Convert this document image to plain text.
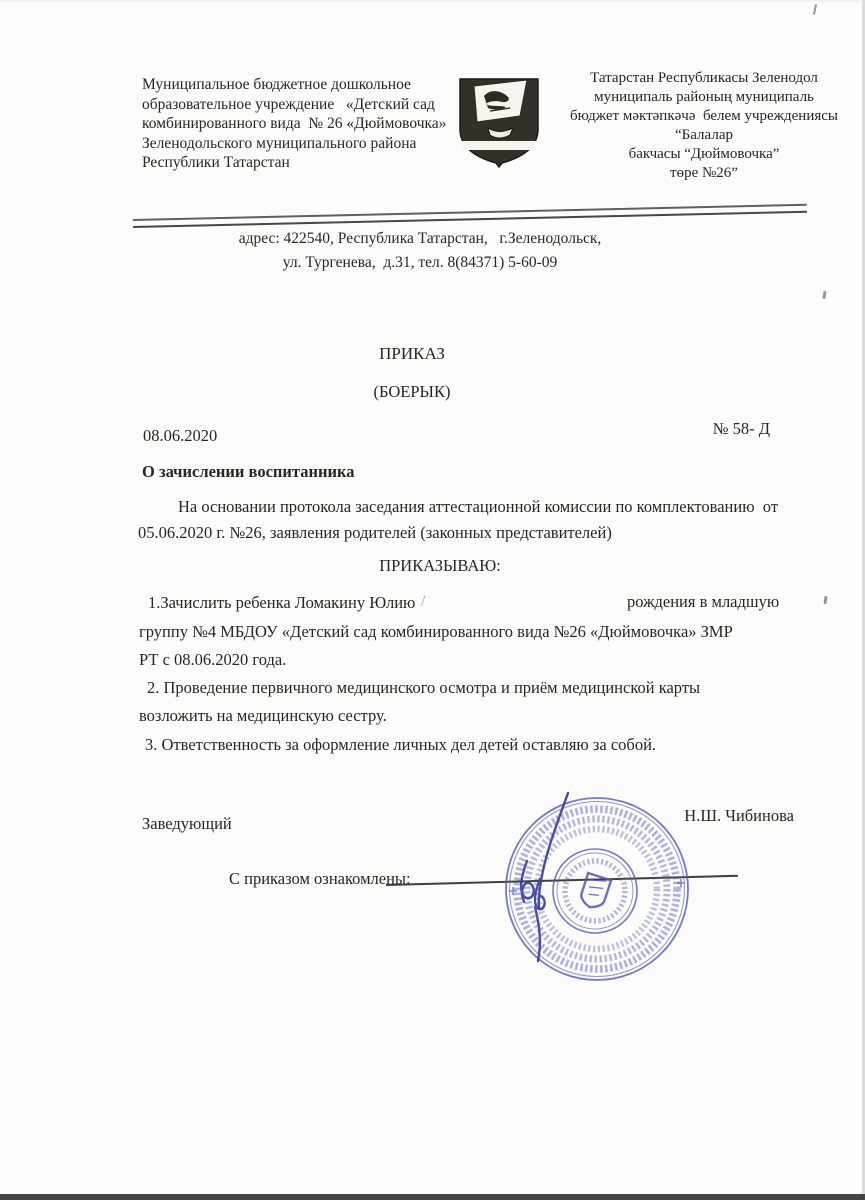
Муниципальное бюджетное дошкольное
образовательное учреждение   «Детский сад
комбинированного вида  № 26 «Дюймовочка»
Зеленодольского муниципального района
Республики Татарстан
Татарстан Республикасы Зеленодол
муниципаль районың муниципаль
бюджет мәктәпкәчә  белем учреждениясы “Балалар
бакчасы “Дюймовочка”
төре №26”
адрес: 422540, Республика Татарстан,   г.Зеленодольск,
ул. Тургенева,  д.31, тел. 8(84371) 5-60-09
ПРИКАЗ
(БОЕРЫК)
08.06.2020	№ 58- Д
О зачислении воспитанника
На основании протокола заседания аттестационной комиссии по комплектованию  от
05.06.2020 г. №26, заявления родителей (законных представителей)
ПРИКАЗЫВАЮ:
1.Зачислить ребенка Ломакину Юлию /	рождения в младшую
группу №4 МБДОУ «Детский сад комбинированного вида №26 «Дюймовочка» ЗМР
РТ с 08.06.2020 года.
2. Проведение первичного медицинского осмотра и приём медицинской карты
возложить на медицинскую сестру.
3. Ответственность за оформление личных дел детей оставляю за собой.
Заведующий	Н.Ш. Чибинова
С приказом ознакомлены:
